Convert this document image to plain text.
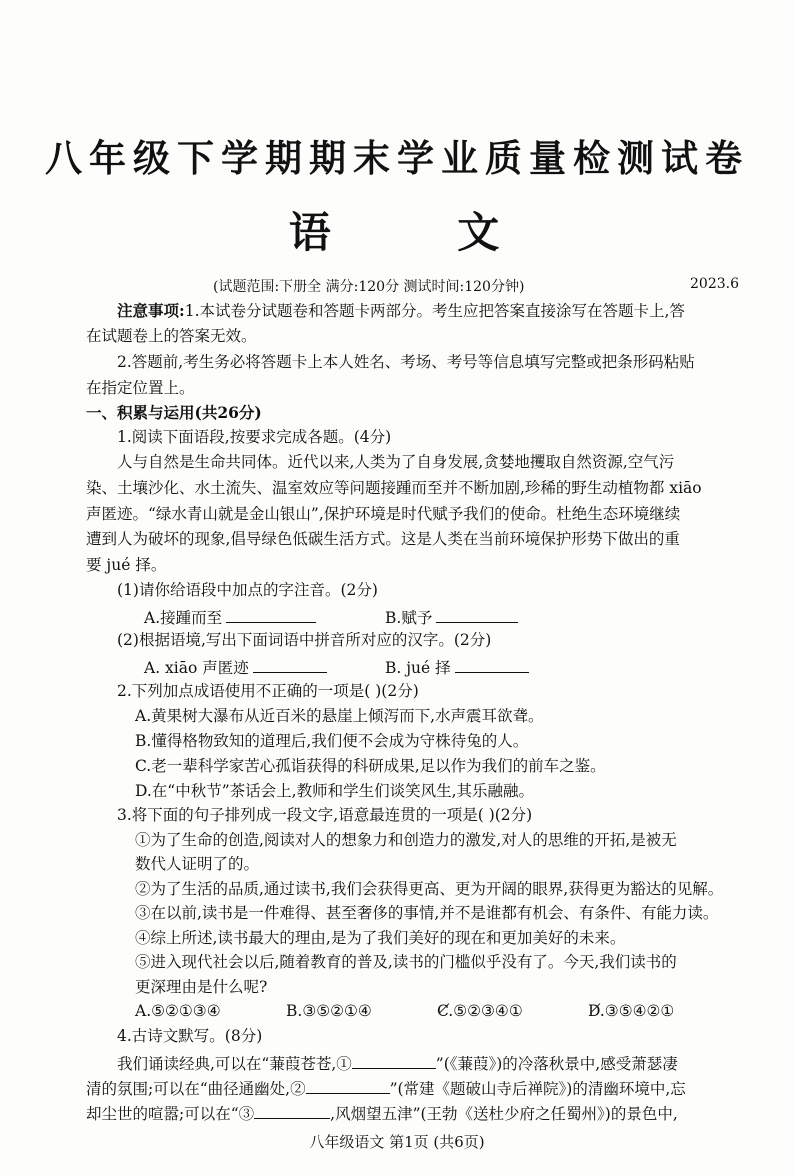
八年级下学期期末学业质量检测试卷
语 文
(试题范围:下册全 满分:120分 测试时间:120分钟)	2023.6
注意事项:1.本试卷分试题卷和答题卡两部分。考生应把答案直接涂写在答题卡上,答
在试题卷上的答案无效。
2.答题前,考生务必将答题卡上本人姓名、考场、考号等信息填写完整或把条形码粘贴
在指定位置上。
一、积累与运用(共26分)
1.阅读下面语段,按要求完成各题。(4分)
人与自然是生命共同体。近代以来,人类为了自身发展,贪婪地攫取自然资源,空气污
染、土壤沙化、水土流失、温室效应等问题接踵而至并不断加剧,珍稀的野生动植物都 xiāo
声匿迹。“绿水青山就是金山银山”,保护环境是时代赋予我们的使命。杜绝生态环境继续
遭到人为破坏的现象,倡导绿色低碳生活方式。这是人类在当前环境保护形势下做出的重
要 jué 择。
(1)请你给语段中加点的字注音。(2分)
A.接踵而至	B.赋予
(2)根据语境,写出下面词语中拼音所对应的汉字。(2分)
A. xiāo 声匿迹	B. jué 择
2.下列加点成语使用不正确的一项是( )(2分)
A.黄果树大瀑布从近百米的悬崖上倾泻而下,水声震耳欲聋。
B.懂得格物致知的道理后,我们便不会成为守株待兔的人。
C.老一辈科学家苦心孤诣获得的科研成果,足以作为我们的前车之鉴。
D.在“中秋节”茶话会上,教师和学生们谈笑风生,其乐融融。
3.将下面的句子排列成一段文字,语意最连贯的一项是( )(2分)
①为了生命的创造,阅读对人的想象力和创造力的激发,对人的思维的开拓,是被无
数代人证明了的。
②为了生活的品质,通过读书,我们会获得更高、更为开阔的眼界,获得更为豁达的见解。
③在以前,读书是一件难得、甚至奢侈的事情,并不是谁都有机会、有条件、有能力读。
④综上所述,读书最大的理由,是为了我们美好的现在和更加美好的未来。
⑤进入现代社会以后,随着教育的普及,读书的门槛似乎没有了。今天,我们读书的
更深理由是什么呢?
A.⑤②①③④	B.③⑤②①④	C.⑤②③④①	D.③⑤④②①
4.古诗文默写。(8分)
我们诵读经典,可以在“蒹葭苍苍,①	”(《蒹葭》)的冷落秋景中,感受萧瑟凄
清的氛围;可以在“曲径通幽处,②	”(常建《题破山寺后禅院》)的清幽环境中,忘
却尘世的喧嚣;可以在“③	,风烟望五津”(王勃《送杜少府之任蜀州》)的景色中,
八年级语文 第1页 (共6页)
